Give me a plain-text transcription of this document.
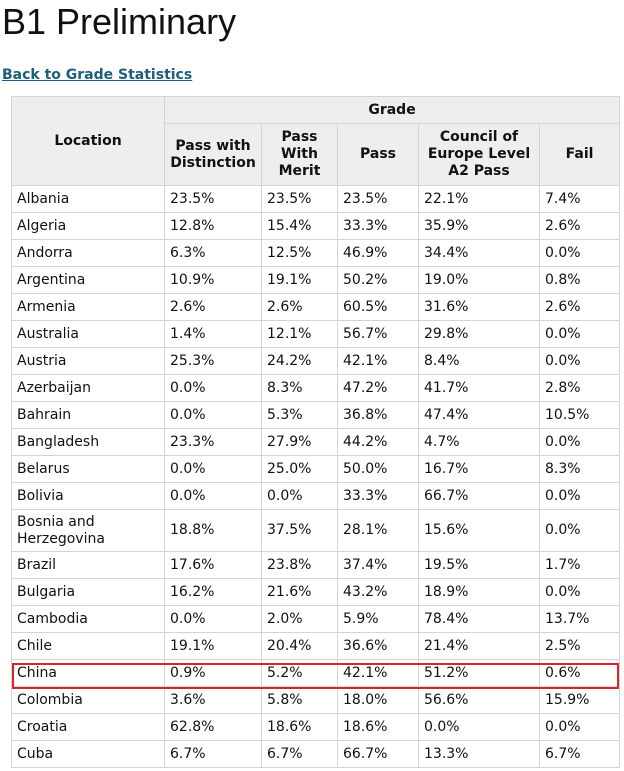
B1 Preliminary
Back to Grade Statistics
Location	Grade				
	Pass with Distinction	Pass With Merit	Pass	Council of Europe Level A2 Pass	Fail
Albania	23.5%	23.5%	23.5%	22.1%	7.4%
Algeria	12.8%	15.4%	33.3%	35.9%	2.6%
Andorra	6.3%	12.5%	46.9%	34.4%	0.0%
Argentina	10.9%	19.1%	50.2%	19.0%	0.8%
Armenia	2.6%	2.6%	60.5%	31.6%	2.6%
Australia	1.4%	12.1%	56.7%	29.8%	0.0%
Austria	25.3%	24.2%	42.1%	8.4%	0.0%
Azerbaijan	0.0%	8.3%	47.2%	41.7%	2.8%
Bahrain	0.0%	5.3%	36.8%	47.4%	10.5%
Bangladesh	23.3%	27.9%	44.2%	4.7%	0.0%
Belarus	0.0%	25.0%	50.0%	16.7%	8.3%
Bolivia	0.0%	0.0%	33.3%	66.7%	0.0%
Bosnia and Herzegovina	18.8%	37.5%	28.1%	15.6%	0.0%
Brazil	17.6%	23.8%	37.4%	19.5%	1.7%
Bulgaria	16.2%	21.6%	43.2%	18.9%	0.0%
Cambodia	0.0%	2.0%	5.9%	78.4%	13.7%
Chile	19.1%	20.4%	36.6%	21.4%	2.5%
China	0.9%	5.2%	42.1%	51.2%	0.6%
Colombia	3.6%	5.8%	18.0%	56.6%	15.9%
Croatia	62.8%	18.6%	18.6%	0.0%	0.0%
Cuba	6.7%	6.7%	66.7%	13.3%	6.7%
